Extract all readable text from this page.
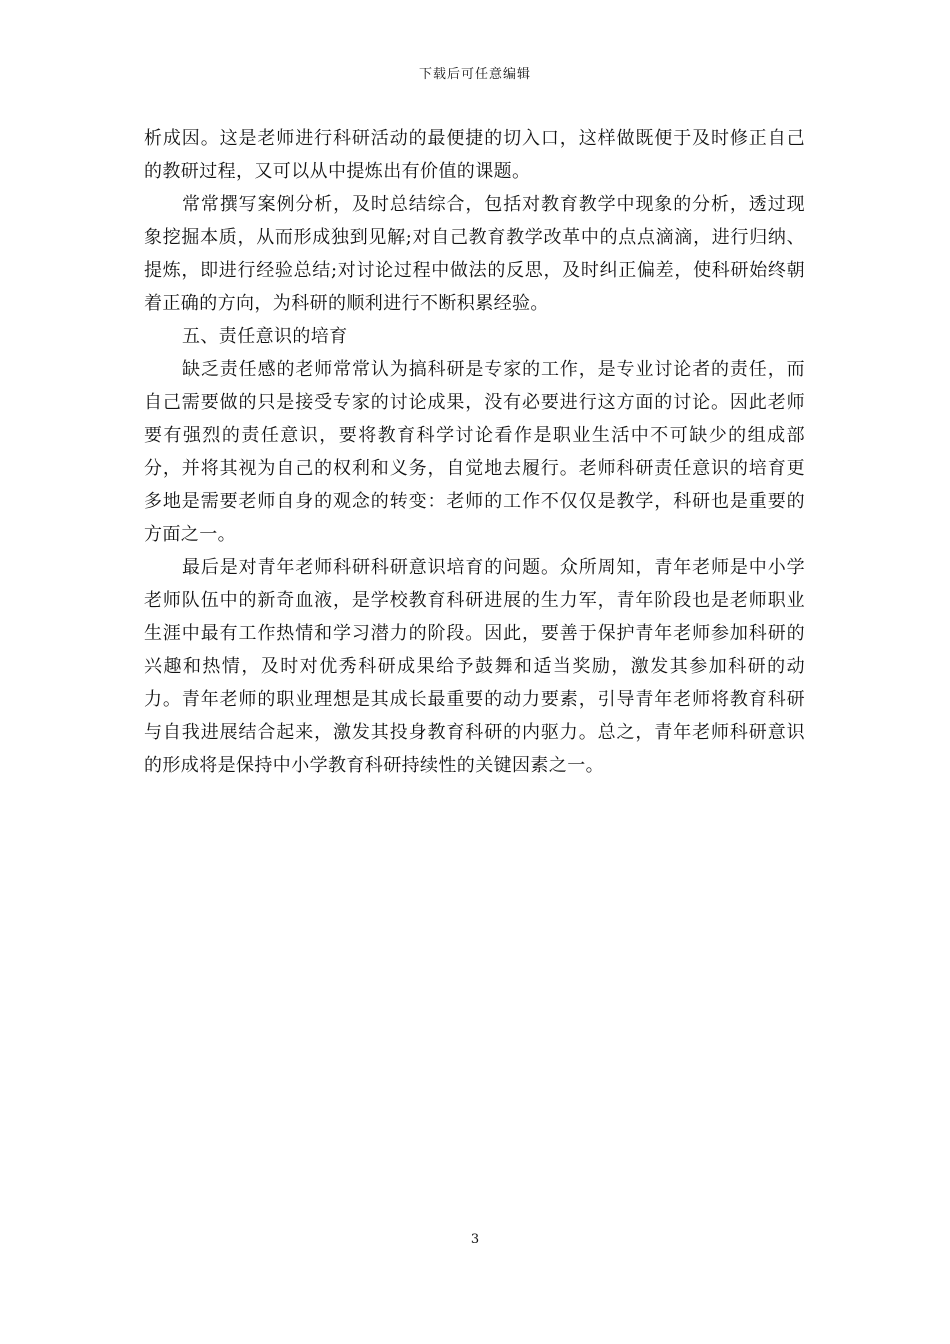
下载后可任意编辑

析成因。这是老师进行科研活动的最便捷的切入口，这样做既便于及时修正自己的教研过程，又可以从中提炼出有价值的课题。

常常撰写案例分析，及时总结综合，包括对教育教学中现象的分析，透过现象挖掘本质，从而形成独到见解;对自己教育教学改革中的点点滴滴，进行归纳、提炼，即进行经验总结;对讨论过程中做法的反思，及时纠正偏差，使科研始终朝着正确的方向，为科研的顺利进行不断积累经验。

五、责任意识的培育

缺乏责任感的老师常常认为搞科研是专家的工作，是专业讨论者的责任，而自己需要做的只是接受专家的讨论成果，没有必要进行这方面的讨论。因此老师要有强烈的责任意识，要将教育科学讨论看作是职业生活中不可缺少的组成部分，并将其视为自己的权利和义务，自觉地去履行。老师科研责任意识的培育更多地是需要老师自身的观念的转变：老师的工作不仅仅是教学，科研也是重要的方面之一。

最后是对青年老师科研科研意识培育的问题。众所周知，青年老师是中小学老师队伍中的新奇血液，是学校教育科研进展的生力军，青年阶段也是老师职业生涯中最有工作热情和学习潜力的阶段。因此，要善于保护青年老师参加科研的兴趣和热情，及时对优秀科研成果给予鼓舞和适当奖励，激发其参加科研的动力。青年老师的职业理想是其成长最重要的动力要素，引导青年老师将教育科研与自我进展结合起来，激发其投身教育科研的内驱力。总之，青年老师科研意识的形成将是保持中小学教育科研持续性的关键因素之一。

3
